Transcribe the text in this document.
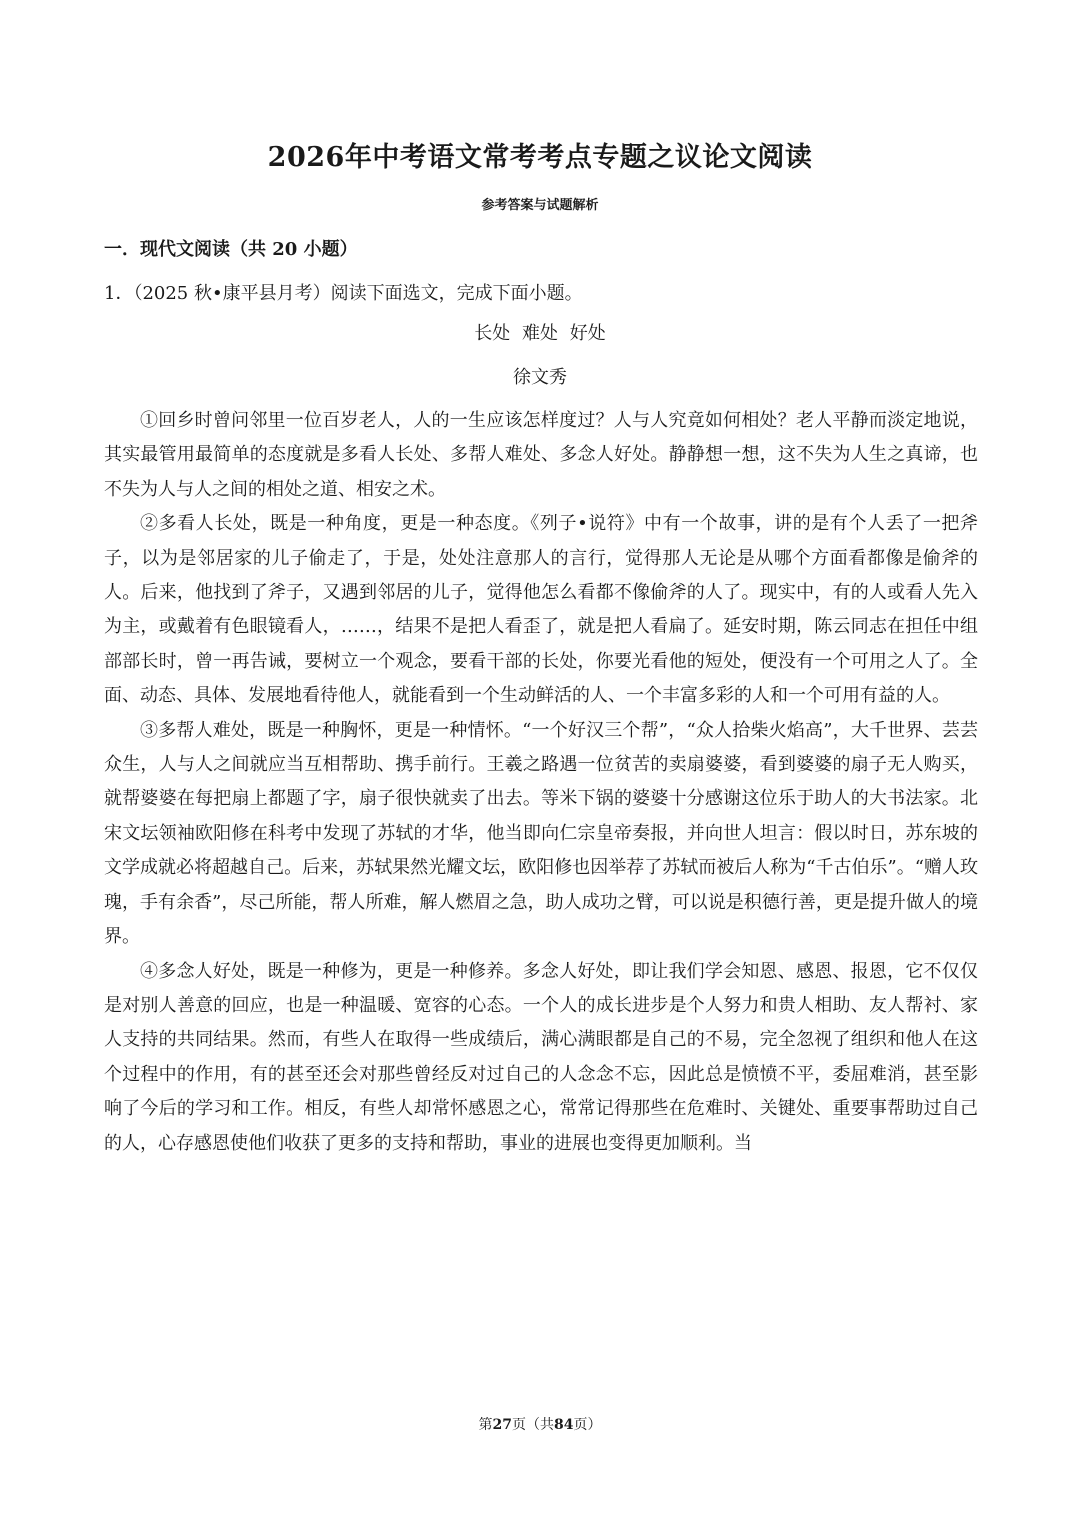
2026年中考语文常考考点专题之议论文阅读
参考答案与试题解析
一．现代文阅读（共 20 小题）
1．（2025 秋•康平县月考）阅读下面选文，完成下面小题。
长处 难处 好处
徐文秀

①回乡时曾问邻里一位百岁老人，人的一生应该怎样度过？人与人究竟如何相处？老人平静而淡定地说，其实最管用最简单的态度就是多看人长处、多帮人难处、多念人好处。静静想一想，这不失为人生之真谛，也不失为人与人之间的相处之道、相安之术。

②多看人长处，既是一种角度，更是一种态度。《列子•说符》中有一个故事，讲的是有个人丢了一把斧子，以为是邻居家的儿子偷走了，于是，处处注意那人的言行，觉得那人无论是从哪个方面看都像是偷斧的人。后来，他找到了斧子，又遇到邻居的儿子，觉得他怎么看都不像偷斧的人了。现实中，有的人或看人先入为主，或戴着有色眼镜看人，……，结果不是把人看歪了，就是把人看扁了。延安时期，陈云同志在担任中组部部长时，曾一再告诫，要树立一个观念，要看干部的长处，你要光看他的短处，便没有一个可用之人了。全面、动态、具体、发展地看待他人，就能看到一个生动鲜活的人、一个丰富多彩的人和一个可用有益的人。

③多帮人难处，既是一种胸怀，更是一种情怀。“一个好汉三个帮”，“众人拾柴火焰高”，大千世界、芸芸众生，人与人之间就应当互相帮助、携手前行。王羲之路遇一位贫苦的卖扇婆婆，看到婆婆的扇子无人购买，就帮婆婆在每把扇上都题了字，扇子很快就卖了出去。等米下锅的婆婆十分感谢这位乐于助人的大书法家。北宋文坛领袖欧阳修在科考中发现了苏轼的才华，他当即向仁宗皇帝奏报，并向世人坦言：假以时日，苏东坡的文学成就必将超越自己。后来，苏轼果然光耀文坛，欧阳修也因举荐了苏轼而被后人称为“千古伯乐”。“赠人玫瑰，手有余香”，尽己所能，帮人所难，解人燃眉之急，助人成功之臂，可以说是积德行善，更是提升做人的境界。

④多念人好处，既是一种修为，更是一种修养。多念人好处，即让我们学会知恩、感恩、报恩，它不仅仅是对别人善意的回应，也是一种温暖、宽容的心态。一个人的成长进步是个人努力和贵人相助、友人帮衬、家人支持的共同结果。然而，有些人在取得一些成绩后，满心满眼都是自己的不易，完全忽视了组织和他人在这个过程中的作用，有的甚至还会对那些曾经反对过自己的人念念不忘，因此总是愤愤不平，委屈难消，甚至影响了今后的学习和工作。相反，有些人却常怀感恩之心，常常记得那些在危难时、关键处、重要事帮助过自己的人，心存感恩使他们收获了更多的支持和帮助，事业的进展也变得更加顺利。当

第27页（共84页）
